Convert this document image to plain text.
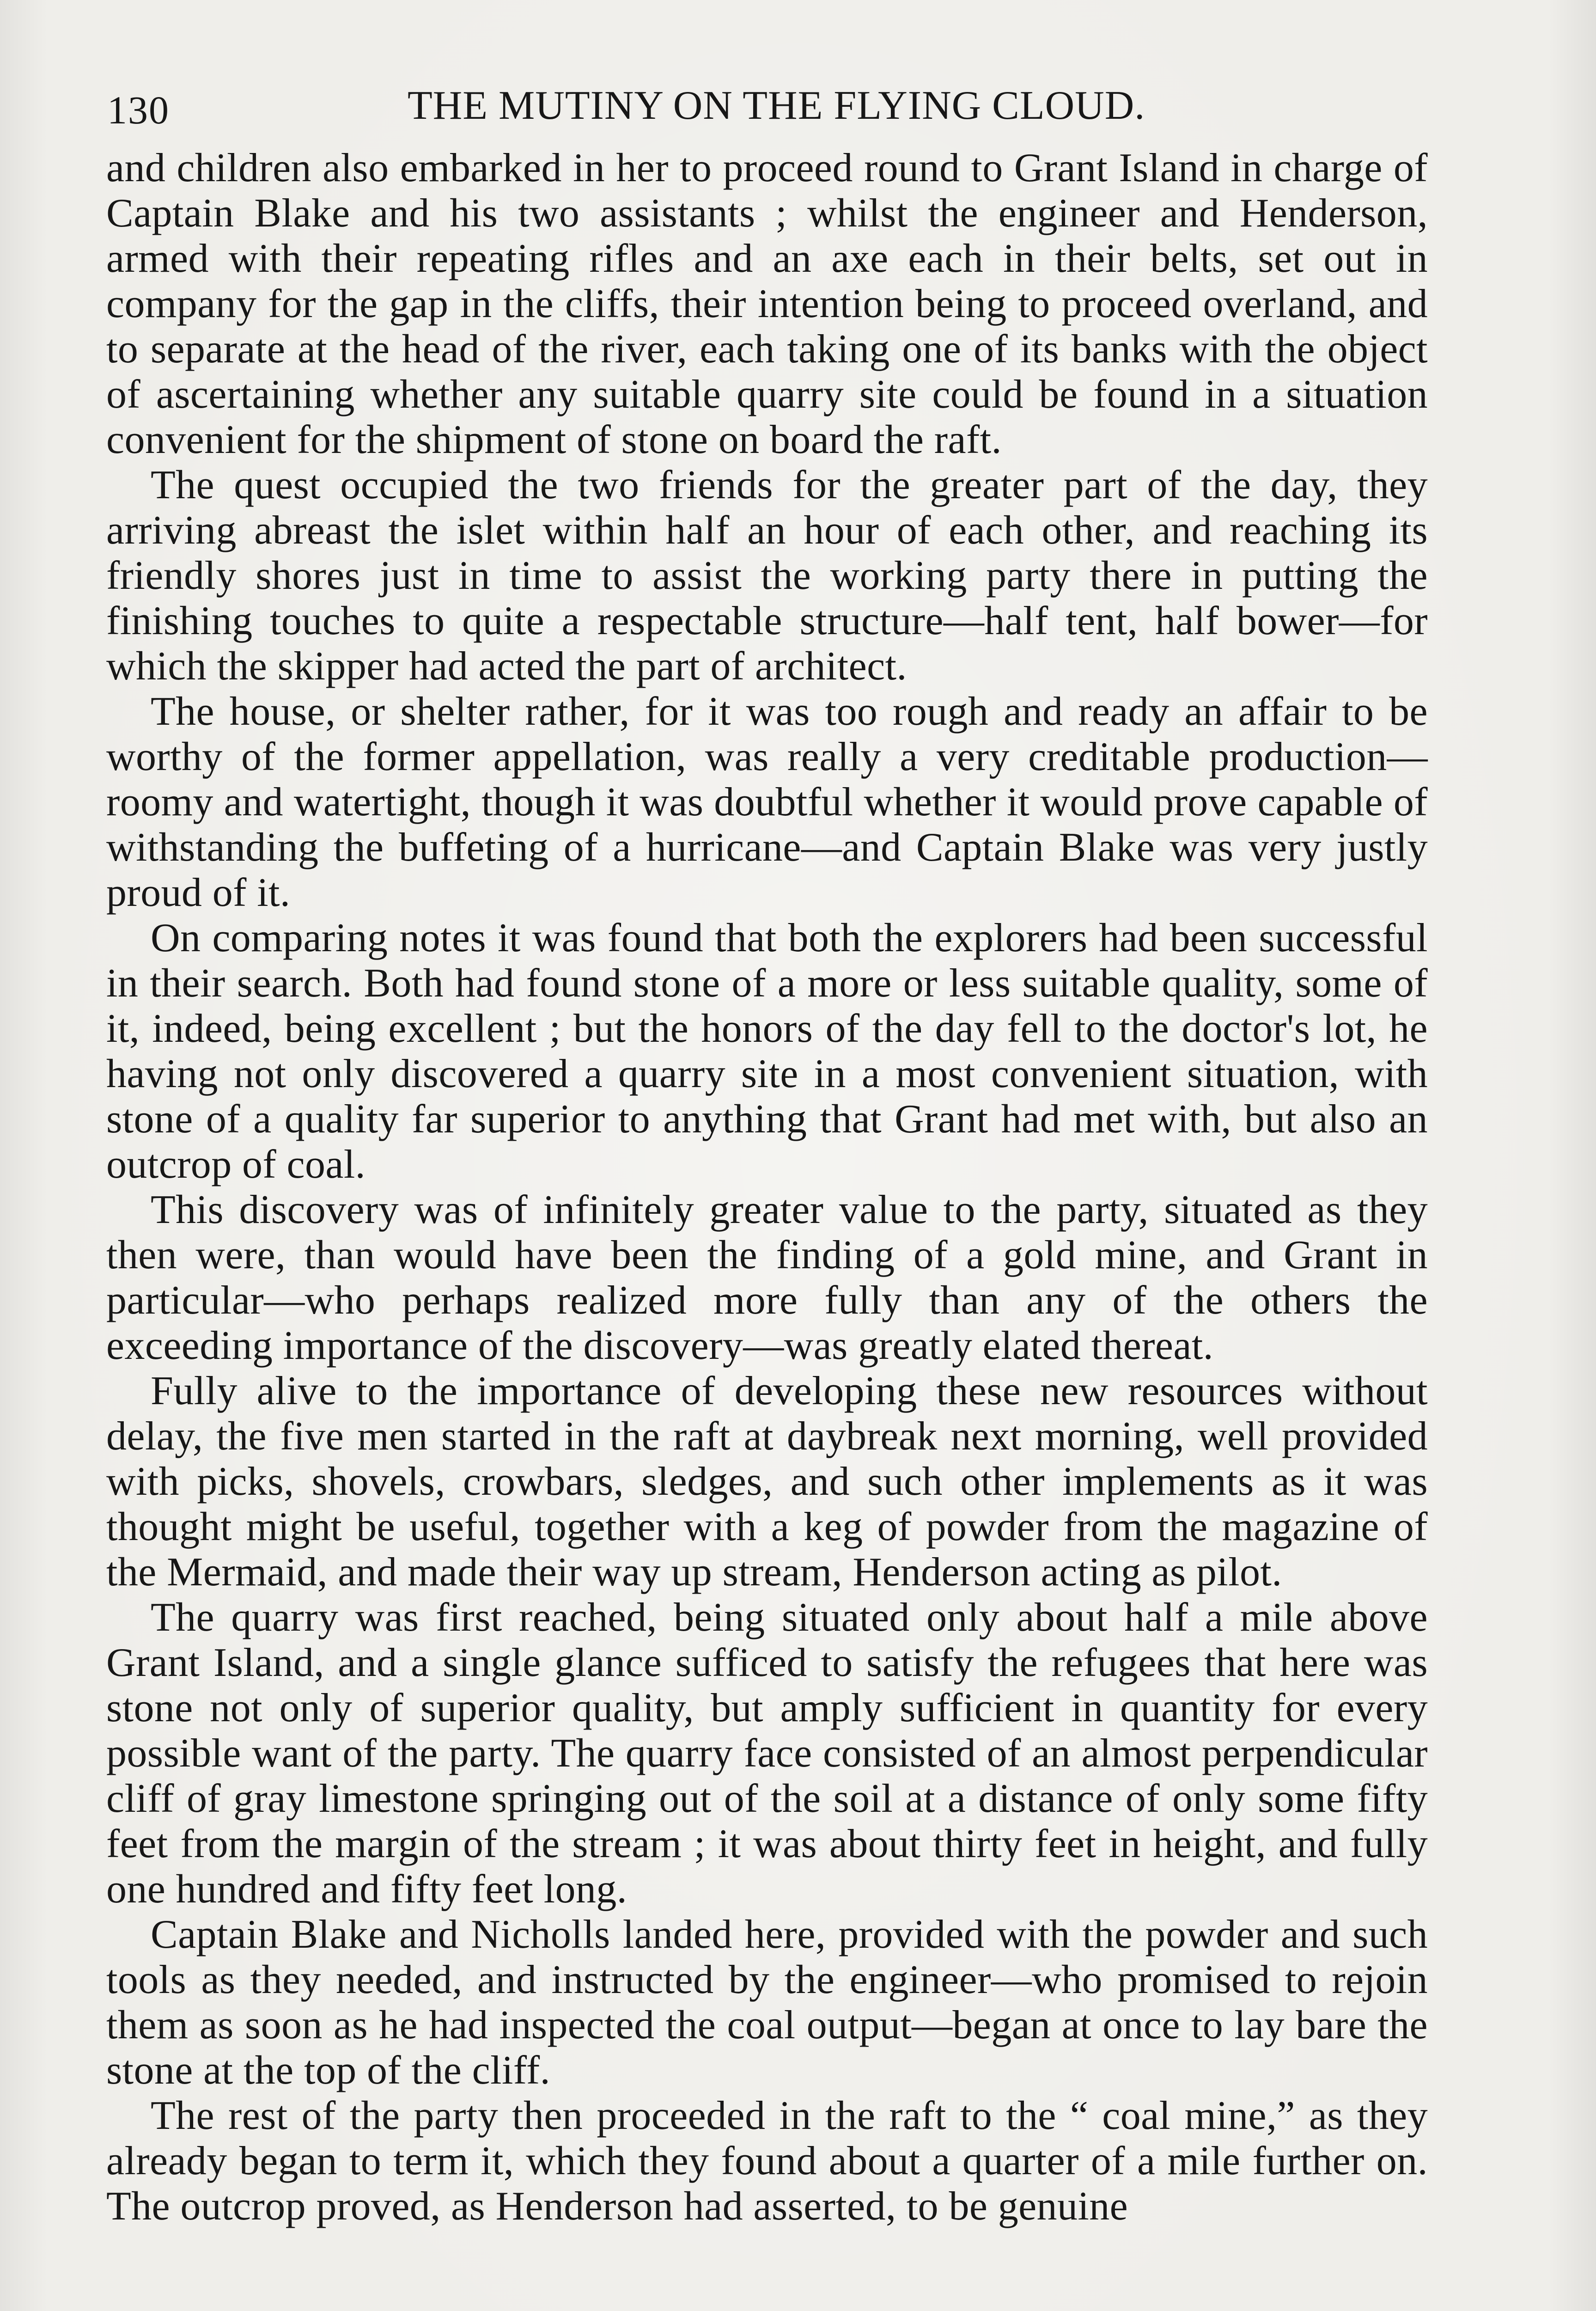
130	THE MUTINY ON THE FLYING CLOUD.

and children also embarked in her to proceed round to Grant Island in charge of Captain Blake and his two assistants ; whilst the engineer and Henderson, armed with their repeating rifles and an axe each in their belts, set out in company for the gap in the cliffs, their intention being to proceed overland, and to separate at the head of the river, each taking one of its banks with the object of ascertaining whether any suitable quarry site could be found in a situation convenient for the shipment of stone on board the raft.

The quest occupied the two friends for the greater part of the day, they arriving abreast the islet within half an hour of each other, and reaching its friendly shores just in time to assist the working party there in putting the finishing touches to quite a respectable structure—half tent, half bower—for which the skipper had acted the part of architect.

The house, or shelter rather, for it was too rough and ready an affair to be worthy of the former appellation, was really a very creditable production—roomy and watertight, though it was doubtful whether it would prove capable of withstanding the buffeting of a hurricane—and Captain Blake was very justly proud of it.

On comparing notes it was found that both the explorers had been successful in their search. Both had found stone of a more or less suitable quality, some of it, indeed, being excellent ; but the honors of the day fell to the doctor's lot, he having not only discovered a quarry site in a most convenient situation, with stone of a quality far superior to anything that Grant had met with, but also an outcrop of coal.

This discovery was of infinitely greater value to the party, situated as they then were, than would have been the finding of a gold mine, and Grant in particular—who perhaps realized more fully than any of the others the exceeding importance of the discovery—was greatly elated thereat.

Fully alive to the importance of developing these new resources without delay, the five men started in the raft at daybreak next morning, well provided with picks, shovels, crowbars, sledges, and such other implements as it was thought might be useful, together with a keg of powder from the magazine of the Mermaid, and made their way up stream, Henderson acting as pilot.

The quarry was first reached, being situated only about half a mile above Grant Island, and a single glance sufficed to satisfy the refugees that here was stone not only of superior quality, but amply sufficient in quantity for every possible want of the party. The quarry face consisted of an almost perpendicular cliff of gray limestone springing out of the soil at a distance of only some fifty feet from the margin of the stream ; it was about thirty feet in height, and fully one hundred and fifty feet long.

Captain Blake and Nicholls landed here, provided with the powder and such tools as they needed, and instructed by the engineer—who promised to rejoin them as soon as he had inspected the coal output—began at once to lay bare the stone at the top of the cliff.

The rest of the party then proceeded in the raft to the “ coal mine,” as they already began to term it, which they found about a quarter of a mile further on. The outcrop proved, as Henderson had asserted, to be genuine
